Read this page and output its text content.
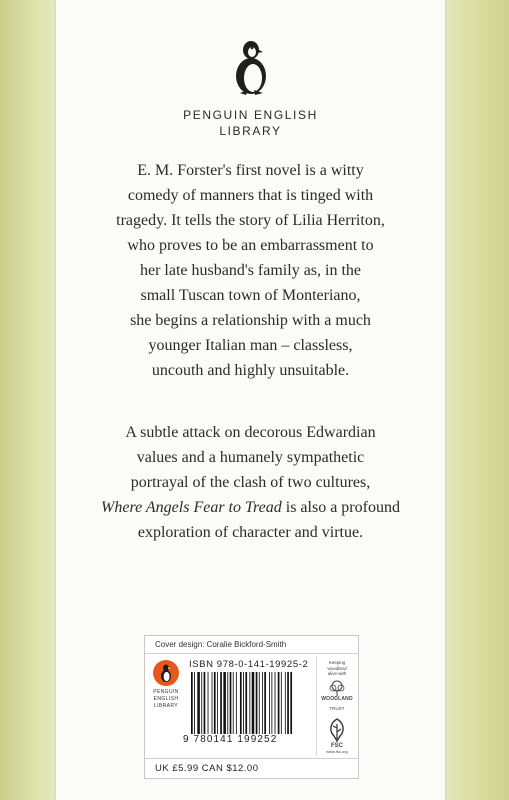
PENGUIN ENGLISH
LIBRARY
E. M. Forster's first novel is a witty
comedy of manners that is tinged with
tragedy. It tells the story of Lilia Herriton,
who proves to be an embarrassment to
her late husband's family as, in the
small Tuscan town of Monteriano,
she begins a relationship with a much
younger Italian man – classless,
uncouth and highly unsuitable.
A subtle attack on decorous Edwardian
values and a humanely sympathetic
portrayal of the clash of two cultures,
Where Angels Fear to Tread is also a profound
exploration of character and virtue.
Cover design: Coralie Bickford-Smith
PENGUIN
ENGLISH
LIBRARY
ISBN 978-0-141-19925-2
9 780141 199252
Keeping
woodland
alive with
WOODLAND
TRUST
FSC
www.fsc.org
UK £5.99 CAN $12.00
